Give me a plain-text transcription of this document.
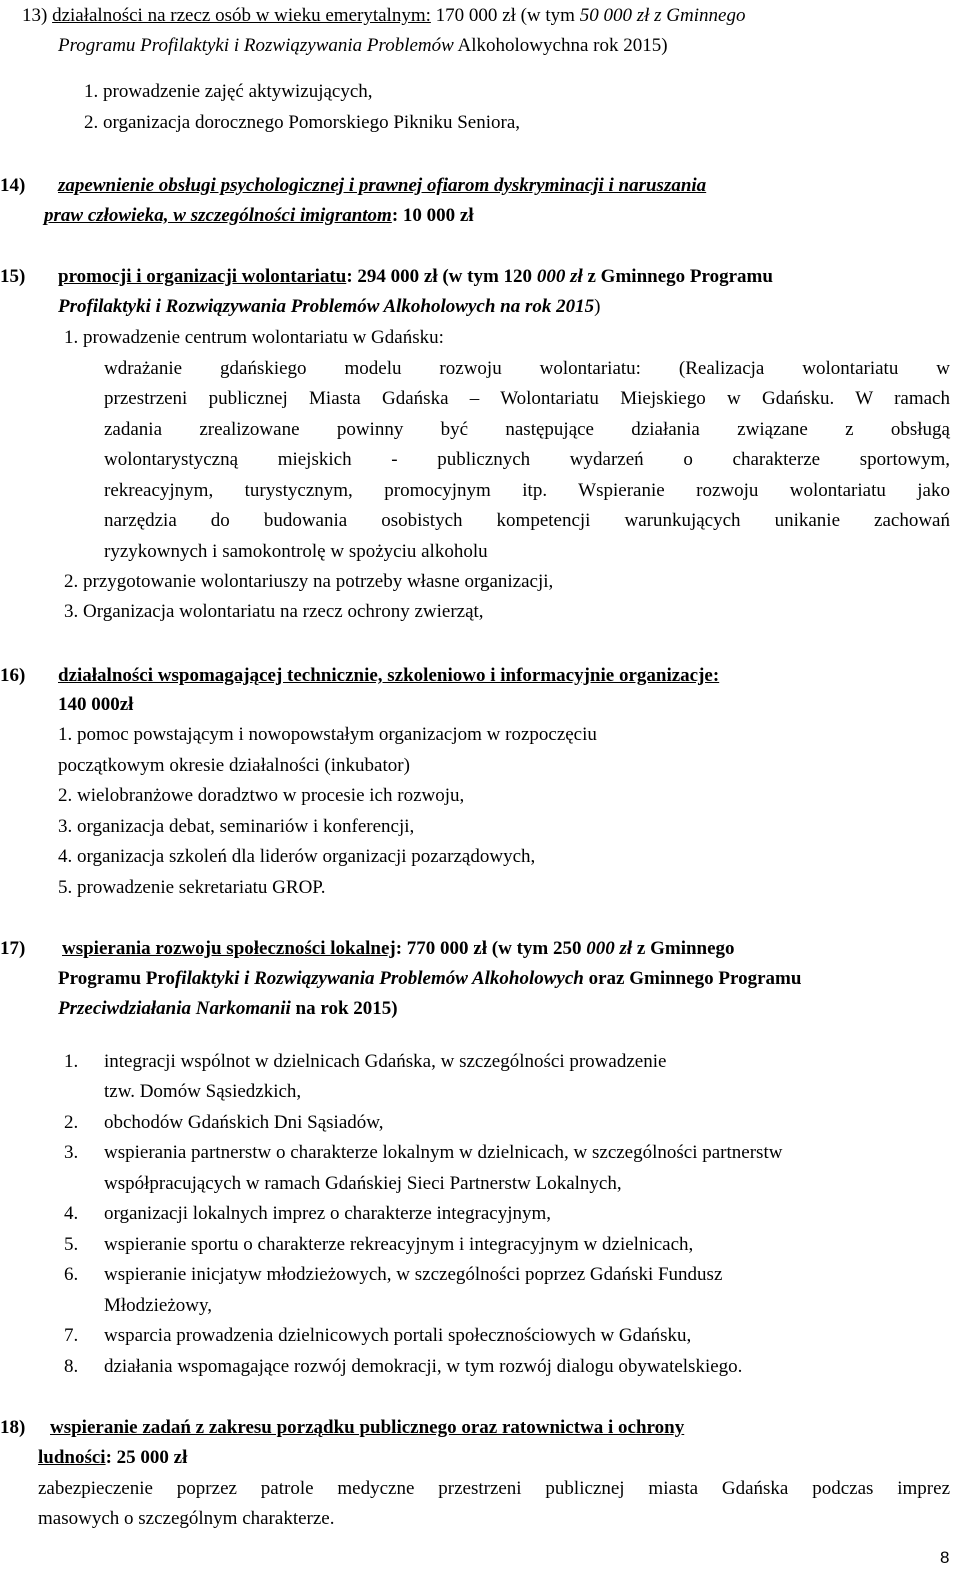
13) działalności na rzecz osób w wieku emerytalnym: 170 000 zł (w tym 50 000 zł z Gminnego
Programu Profilaktyki i Rozwiązywania Problemów Alkoholowychna rok 2015)
1. prowadzenie zajęć aktywizujących,
2. organizacja dorocznego Pomorskiego Pikniku Seniora,
14) zapewnienie obsługi psychologicznej i prawnej ofiarom dyskryminacji i naruszania
praw człowieka, w szczególności imigrantom: 10 000 zł
15) promocji i organizacji wolontariatu: 294 000 zł (w tym 120 000 zł z Gminnego Programu
Profilaktyki i Rozwiązywania Problemów Alkoholowych na rok 2015)
1. prowadzenie centrum wolontariatu w Gdańsku:
wdrażanie gdańskiego modelu rozwoju wolontariatu: (Realizacja wolontariatu w
przestrzeni publicznej Miasta Gdańska – Wolontariatu Miejskiego w Gdańsku. W ramach
zadania zrealizowane powinny być następujące działania związane z obsługą
wolontarystyczną miejskich - publicznych wydarzeń o charakterze sportowym,
rekreacyjnym, turystycznym, promocyjnym itp. Wspieranie rozwoju wolontariatu jako
narzędzia do budowania osobistych kompetencji warunkujących unikanie zachowań
ryzykownych i samokontrolę w spożyciu alkoholu
2. przygotowanie wolontariuszy na potrzeby własne organizacji,
3. Organizacja wolontariatu na rzecz ochrony zwierząt,
16) działalności wspomagającej technicznie, szkoleniowo i informacyjnie organizacje:
140 000zł
1. pomoc powstającym i nowopowstałym organizacjom w rozpoczęciu
początkowym okresie działalności (inkubator)
2. wielobranżowe doradztwo w procesie ich rozwoju,
3. organizacja debat, seminariów i konferencji,
4. organizacja szkoleń dla liderów organizacji pozarządowych,
5. prowadzenie sekretariatu GROP.
17) wspierania rozwoju społeczności lokalnej: 770 000 zł (w tym 250 000 zł z Gminnego
Programu Profilaktyki i Rozwiązywania Problemów Alkoholowych oraz Gminnego Programu
Przeciwdziałania Narkomanii na rok 2015)
1. integracji wspólnot w dzielnicach Gdańska, w szczególności prowadzenie
tzw. Domów Sąsiedzkich,
2. obchodów Gdańskich Dni Sąsiadów,
3. wspierania partnerstw o charakterze lokalnym w dzielnicach, w szczególności partnerstw
współpracujących w ramach Gdańskiej Sieci Partnerstw Lokalnych,
4. organizacji lokalnych imprez o charakterze integracyjnym,
5. wspieranie sportu o charakterze rekreacyjnym i integracyjnym w dzielnicach,
6. wspieranie inicjatyw młodzieżowych, w szczególności poprzez Gdański Fundusz
Młodzieżowy,
7. wsparcia prowadzenia dzielnicowych portali społecznościowych w Gdańsku,
8. działania wspomagające rozwój demokracji, w tym rozwój dialogu obywatelskiego.
18) wspieranie zadań z zakresu porządku publicznego oraz ratownictwa i ochrony
ludności: 25 000 zł
zabezpieczenie poprzez patrole medyczne przestrzeni publicznej miasta Gdańska podczas imprez
masowych o szczególnym charakterze.
8
